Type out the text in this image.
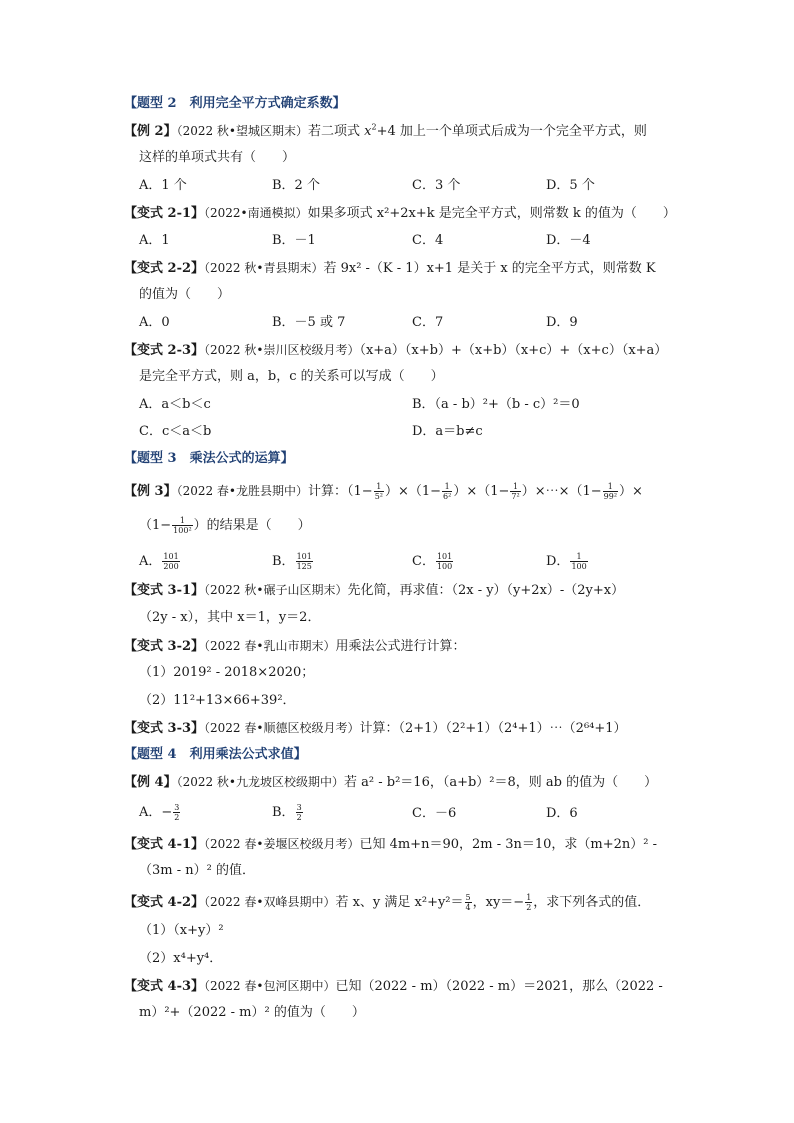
【题型 2　利用完全平方式确定系数】
【例 2】（2022 秋•望城区期末）若二项式 $x^2+4$ 加上一个单项式后成为一个完全平方式，则
这样的单项式共有（　　）
A．1 个	B．2 个	C．3 个	D．5 个
【变式 2-1】（2022•南通模拟）如果多项式 x²+2x+k 是完全平方式，则常数 k 的值为（　　）
A．1	B．－1	C．4	D．－4
【变式 2-2】（2022 秋•青县期末）若 9x² -（K - 1）x+1 是关于 x 的完全平方式，则常数 K
的值为（　　）
A．0	B．－5 或 7	C．7	D．9
【变式 2-3】（2022 秋•崇川区校级月考）（x+a）（x+b）+（x+b）（x+c）+（x+c）（x+a）
是完全平方式，则 a，b，c 的关系可以写成（　　）
A．a＜b＜c	B．（a - b）²+（b - c）²＝0
C．c＜a＜b	D．a＝b≠c
【题型 3　乘法公式的运算】
【例 3】（2022 春•龙胜县期中）计算：$(1- \frac{1}{\text{5²}} )\times(1- \frac{1}{\text{6²}} )\times(1- \frac{1}{\text{7²}}$ ）×⋯×（1− $\frac{1}{\text{99²}}$ ）×
（$1- \frac{1}{\text{100²}}$ ）的结果是（　　）
A． $\frac{101}{200}$	B． $\frac{101}{125}$	C． $\frac{101}{100}$	D． $\frac{1}{100}$
【变式 3-1】（2022 秋•碾子山区期末）先化简，再求值：（2x - y）（y+2x）-（2y+x）
（2y - x），其中 x＝1，y＝2．
【变式 3-2】（2022 春•乳山市期末）用乘法公式进行计算：
（1）2019² - 2018×2020；
（2）11²+13×66+39²．
【变式 3-3】（2022 春•顺德区校级月考）计算：（2+1）（2²+1）（2⁴+1）⋯（2⁶⁴+1）
【题型 4　利用乘法公式求值】
【例 4】（2022 秋•九龙坡区校级期中）若 a² - b²＝16，（a+b）²＝8，则 ab 的值为（　　）
A．− $\frac{3}{2}$	B． $\frac{3}{2}$	C．－6	D．6
【变式 4-1】（2022 春•姜堰区校级月考）已知 4m+n＝90，2m - 3n＝10，求（m+2n）² -
（3m - n）² 的值．
【变式 4-2】（2022 春•双峰县期中）若 x、y 满足 $x^2+y^2= \frac{5}{4}$ ，$xy=- \frac{1}{2}$ ，求下列各式的值．
（1）（x+y）²
（2）x⁴+y⁴．
【变式 4-3】（2022 春•包河区期中）已知（2022 - m）（2022 - m）＝2021，那么（2022 -
m）²+（2022 - m）² 的值为（　　）
